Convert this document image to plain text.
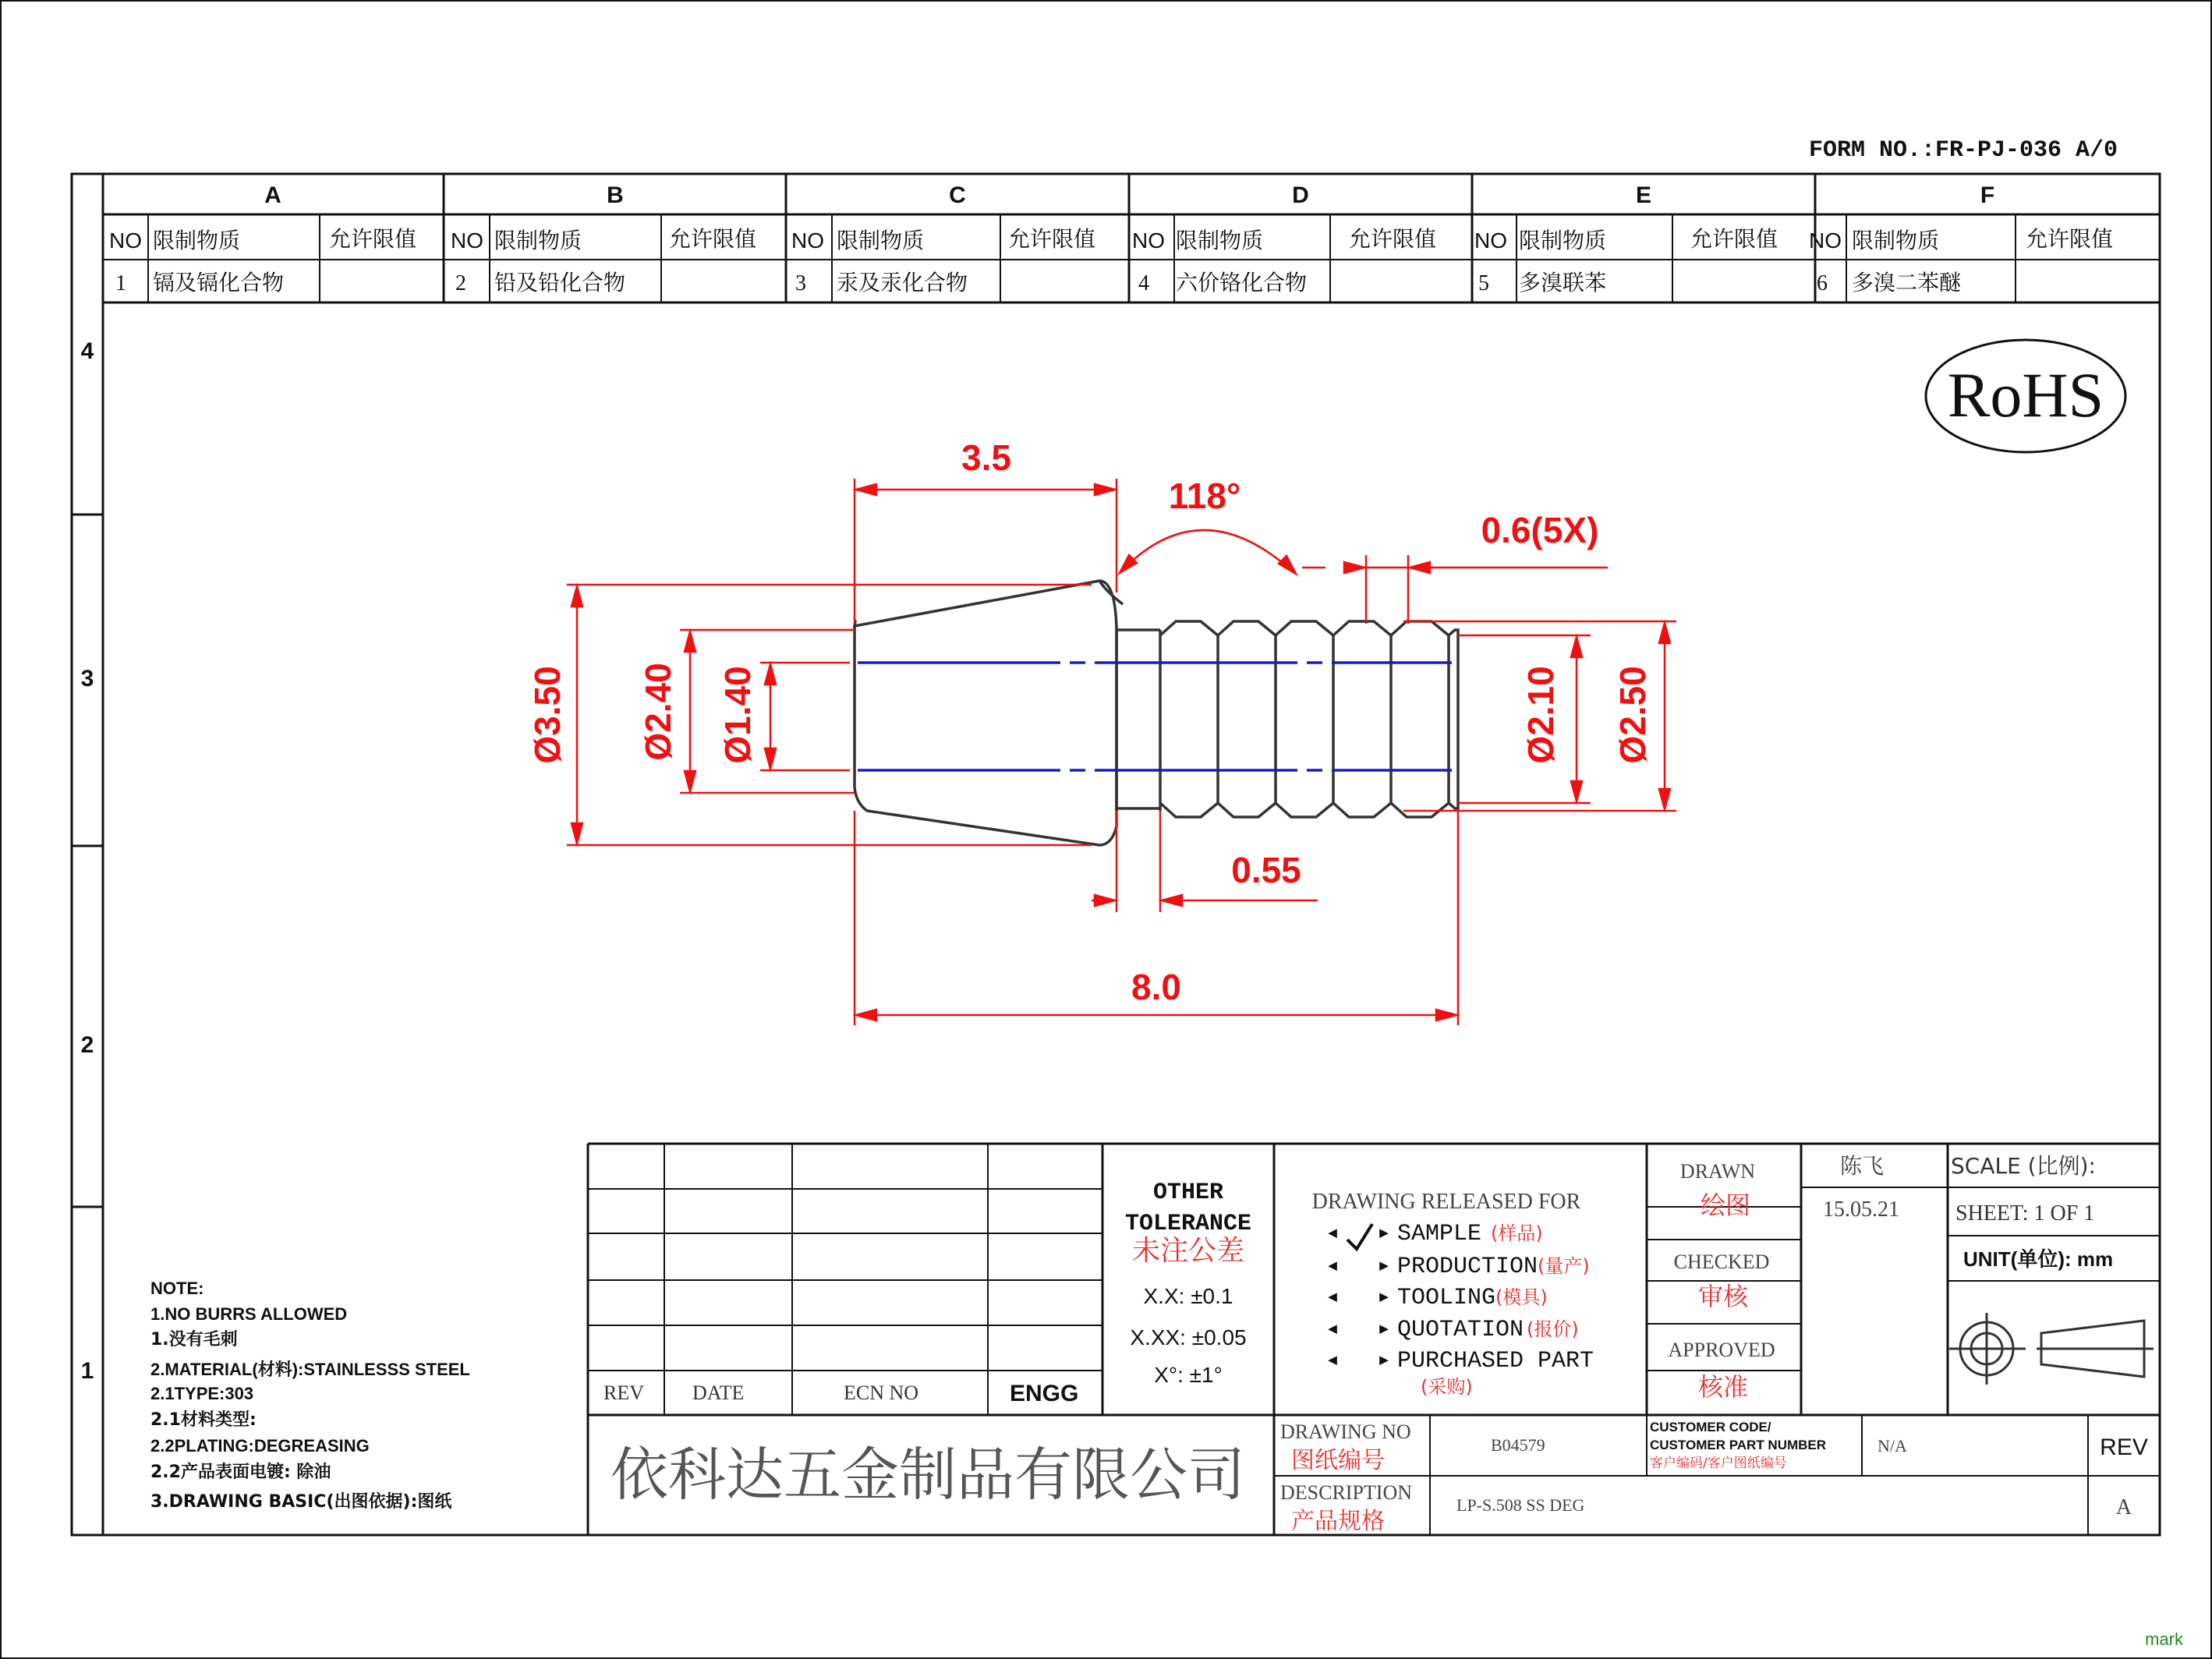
FORM NO.:FR-PJ-036 A/0
A	B	C	D	E	F
4
3
2
1
NO 限制物质	允许限值 NO 限制物质	允许限值 NO 限制物质	允许限值 NO 限制物质	允许限值 NO 限制物质	允许限值 NO 限制物质	允许限值
1 镉及镉化合物	2 铅及铅化合物	3 汞及汞化合物	4 六价铬化合物	5 多溴联苯	6 多溴二苯醚
RoHS
3.5
118°
0.6(5X)
Ø3.50 Ø2.40 Ø1.40	Ø2.10 Ø2.50
0.55
8.0
NOTE:
1.NO BURRS ALLOWED
1.没有毛刺
2.MATERIAL(材料):STAINLESSS STEEL
2.1TYPE:303
2.1材料类型:
2.2PLATING:DEGREASING
2.2产品表面电镀: 除油
3.DRAWING BASIC(出图依据):图纸
REV DATE	ECN NO	ENGG
OTHER
TOLERANCE
未注公差
X.X: ±0.1
X.XX: ±0.05
X°: ±1°
DRAWING RELEASED FOR
◂ ▸ SAMPLE (样品)
◂ ▸ PRODUCTION (量产)
◂ ▸ TOOLING (模具)
◂ ▸ QUOTATION (报价)
◂ ▸ PURCHASED PART
(采购)
DRAWN
绘图
CHECKED
审核
APPROVED
核准
陈飞
15.05.21
SCALE (比例):
SHEET: 1 OF 1
UNIT(单位): mm
依科达五金制品有限公司
DRAWING NO
图纸编号
B04579
DESCRIPTION
产品规格
LP-S.508 SS DEG
CUSTOMER CODE/
CUSTOMER PART NUMBER
客户编码/客户图纸编号
N/A	REV
A
mark
